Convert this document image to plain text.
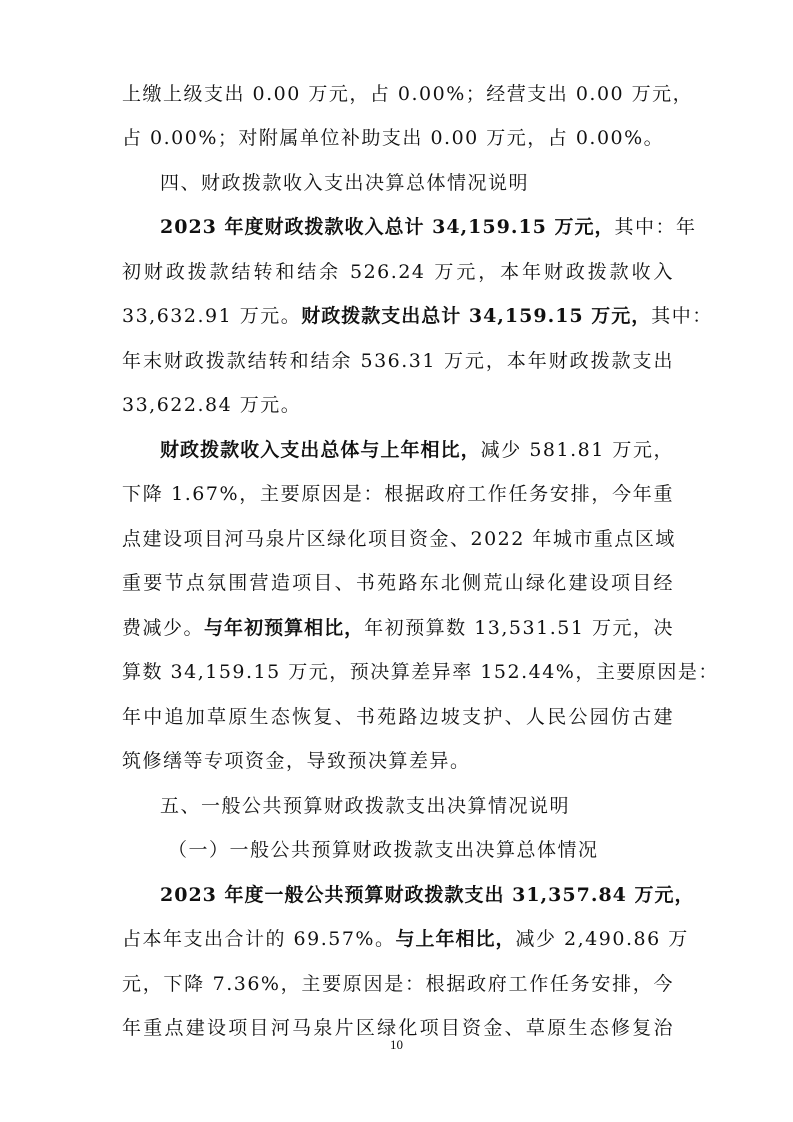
上缴上级支出 0.00 万元，占 0.00%；经营支出 0.00 万元，
占 0.00%；对附属单位补助支出 0.00 万元，占 0.00%。
四、财政拨款收入支出决算总体情况说明
2023 年度财政拨款收入总计 34,159.15 万元，其中：年
初财政拨款结转和结余 526.24 万元，本年财政拨款收入
33,632.91 万元。财政拨款支出总计 34,159.15 万元，其中：
年末财政拨款结转和结余 536.31 万元，本年财政拨款支出
33,622.84 万元。
财政拨款收入支出总体与上年相比，减少 581.81 万元，
下降 1.67%，主要原因是：根据政府工作任务安排，今年重
点建设项目河马泉片区绿化项目资金、2022 年城市重点区域
重要节点氛围营造项目、书苑路东北侧荒山绿化建设项目经
费减少。与年初预算相比，年初预算数 13,531.51 万元，决
算数 34,159.15 万元，预决算差异率 152.44%，主要原因是：
年中追加草原生态恢复、书苑路边坡支护、人民公园仿古建
筑修缮等专项资金，导致预决算差异。
五、一般公共预算财政拨款支出决算情况说明
（一）一般公共预算财政拨款支出决算总体情况
2023 年度一般公共预算财政拨款支出 31,357.84 万元，
占本年支出合计的 69.57%。与上年相比，减少 2,490.86 万
元，下降 7.36%，主要原因是：根据政府工作任务安排，今
年重点建设项目河马泉片区绿化项目资金、草原生态修复治
10
